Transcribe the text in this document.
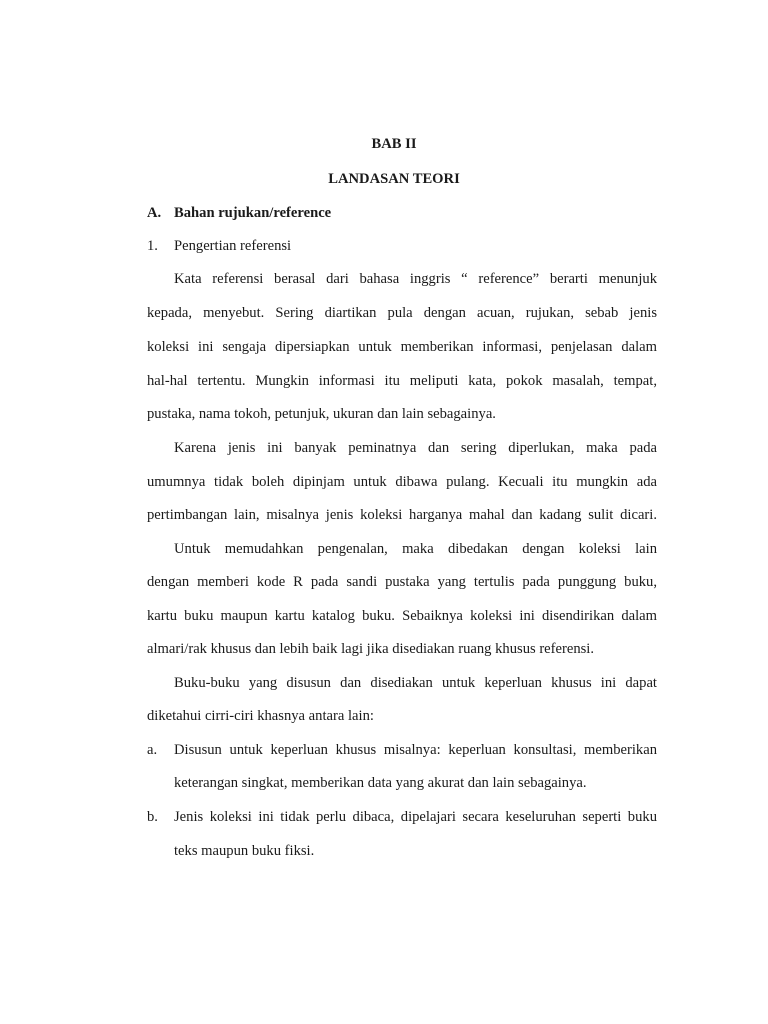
BAB II
LANDASAN TEORI
A. Bahan rujukan/reference
1. Pengertian referensi
Kata referensi berasal dari bahasa inggris “ reference” berarti menunjuk
kepada, menyebut. Sering diartikan pula dengan acuan, rujukan, sebab jenis
koleksi ini sengaja dipersiapkan untuk memberikan informasi, penjelasan dalam
hal-hal tertentu. Mungkin informasi itu meliputi kata, pokok masalah, tempat,
pustaka, nama tokoh, petunjuk, ukuran dan lain sebagainya.
Karena jenis ini banyak peminatnya dan sering diperlukan, maka pada
umumnya tidak boleh dipinjam untuk dibawa pulang. Kecuali itu mungkin ada
pertimbangan lain, misalnya jenis koleksi harganya mahal dan kadang sulit dicari.
Untuk memudahkan pengenalan, maka dibedakan dengan koleksi lain
dengan memberi kode R pada sandi pustaka yang tertulis pada punggung buku,
kartu buku maupun kartu katalog buku. Sebaiknya koleksi ini disendirikan dalam
almari/rak khusus dan lebih baik lagi jika disediakan ruang khusus referensi.
Buku-buku yang disusun dan disediakan untuk keperluan khusus ini dapat
diketahui cirri-ciri khasnya antara lain:
a. Disusun untuk keperluan khusus misalnya: keperluan konsultasi, memberikan
keterangan singkat, memberikan data yang akurat dan lain sebagainya.
b. Jenis koleksi ini tidak perlu dibaca, dipelajari secara keseluruhan seperti buku
teks maupun buku fiksi.
